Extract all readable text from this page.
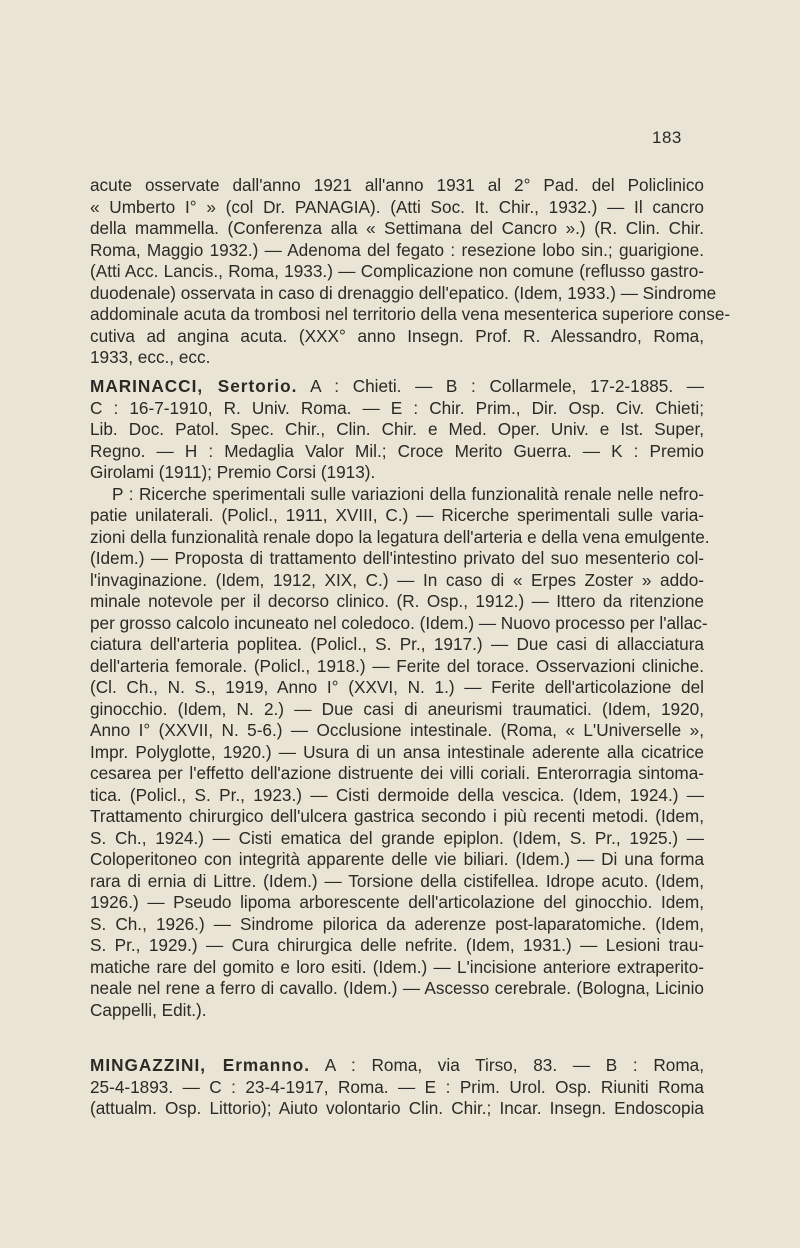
183
acute osservate dall'anno 1921 all'anno 1931 al 2° Pad. del Policlinico
« Umberto I° » (col Dr. PANAGIA). (Atti Soc. It. Chir., 1932.) — Il cancro
della mammella. (Conferenza alla « Settimana del Cancro ».) (R. Clin. Chir.
Roma, Maggio 1932.) — Adenoma del fegato : resezione lobo sin.; guarigione.
(Atti Acc. Lancis., Roma, 1933.) — Complicazione non comune (reflusso gastro-
duodenale) osservata in caso di drenaggio dell'epatico. (Idem, 1933.) — Sindrome
addominale acuta da trombosi nel territorio della vena mesenterica superiore conse-
cutiva ad angina acuta. (XXX° anno Insegn. Prof. R. Alessandro, Roma,
1933, ecc., ecc.
MARINACCI, Sertorio. A : Chieti. — B : Collarmele, 17-2-1885. —
C : 16-7-1910, R. Univ. Roma. — E : Chir. Prim., Dir. Osp. Civ. Chieti;
Lib. Doc. Patol. Spec. Chir., Clin. Chir. e Med. Oper. Univ. e Ist. Super,
Regno. — H : Medaglia Valor Mil.; Croce Merito Guerra. — K : Premio
Girolami (1911); Premio Corsi (1913).
P : Ricerche sperimentali sulle variazioni della funzionalità renale nelle nefro-
patie unilaterali. (Policl., 1911, XVIII, C.) — Ricerche sperimentali sulle varia-
zioni della funzionalità renale dopo la legatura dell'arteria e della vena emulgente.
(Idem.) — Proposta di trattamento dell'intestino privato del suo mesenterio col-
l'invaginazione. (Idem, 1912, XIX, C.) — In caso di « Erpes Zoster » addo-
minale notevole per il decorso clinico. (R. Osp., 1912.) — Ittero da ritenzione
per grosso calcolo incuneato nel coledoco. (Idem.) — Nuovo processo per l'allac-
ciatura dell'arteria poplitea. (Policl., S. Pr., 1917.) — Due casi di allacciatura
dell'arteria femorale. (Policl., 1918.) — Ferite del torace. Osservazioni cliniche.
(Cl. Ch., N. S., 1919, Anno I° (XXVI, N. 1.) — Ferite dell'articolazione del
ginocchio. (Idem, N. 2.) — Due casi di aneurismi traumatici. (Idem, 1920,
Anno I° (XXVII, N. 5-6.) — Occlusione intestinale. (Roma, « L'Universelle »,
Impr. Polyglotte, 1920.) — Usura di un ansa intestinale aderente alla cicatrice
cesarea per l'effetto dell'azione distruente dei villi coriali. Enterorragia sintoma-
tica. (Policl., S. Pr., 1923.) — Cisti dermoide della vescica. (Idem, 1924.) —
Trattamento chirurgico dell'ulcera gastrica secondo i più recenti metodi. (Idem,
S. Ch., 1924.) — Cisti ematica del grande epiplon. (Idem, S. Pr., 1925.) —
Coloperitoneo con integrità apparente delle vie biliari. (Idem.) — Di una forma
rara di ernia di Littre. (Idem.) — Torsione della cistifellea. Idrope acuto. (Idem,
1926.) — Pseudo lipoma arborescente dell'articolazione del ginocchio. Idem,
S. Ch., 1926.) — Sindrome pilorica da aderenze post-laparatomiche. (Idem,
S. Pr., 1929.) — Cura chirurgica delle nefrite. (Idem, 1931.) — Lesioni trau-
matiche rare del gomito e loro esiti. (Idem.) — L'incisione anteriore extraperito-
neale nel rene a ferro di cavallo. (Idem.) — Ascesso cerebrale. (Bologna, Licinio
Cappelli, Edit.).
MINGAZZINI, Ermanno. A : Roma, via Tirso, 83. — B : Roma,
25-4-1893. — C : 23-4-1917, Roma. — E : Prim. Urol. Osp. Riuniti Roma
(attualm. Osp. Littorio); Aiuto volontario Clin. Chir.; Incar. Insegn. Endoscopia
